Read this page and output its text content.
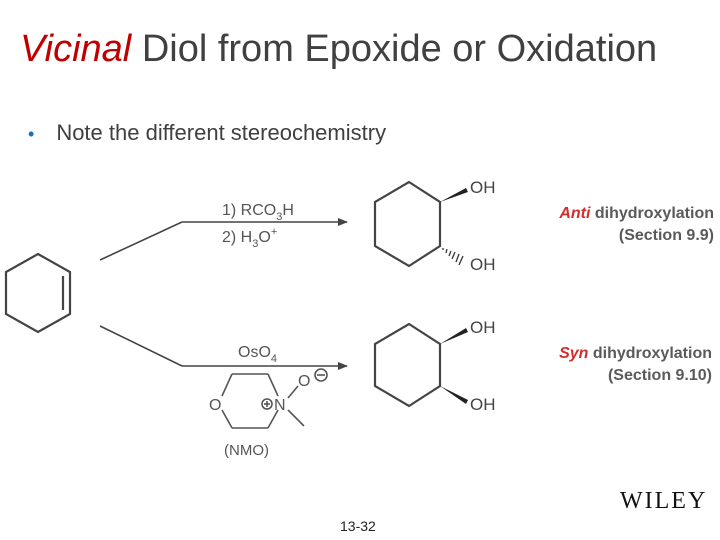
Vicinal Diol from Epoxide or Oxidation
• Note the different stereochemistry
1) $RCO_3H$
2) $H_3O^+$
OsO$_4$
O	N
O
(NMO)
OH
OH
OH
OH
Anti dihydroxylation
(Section 9.9)
Syn dihydroxylation
(Section 9.10)
WILEY
13-32
